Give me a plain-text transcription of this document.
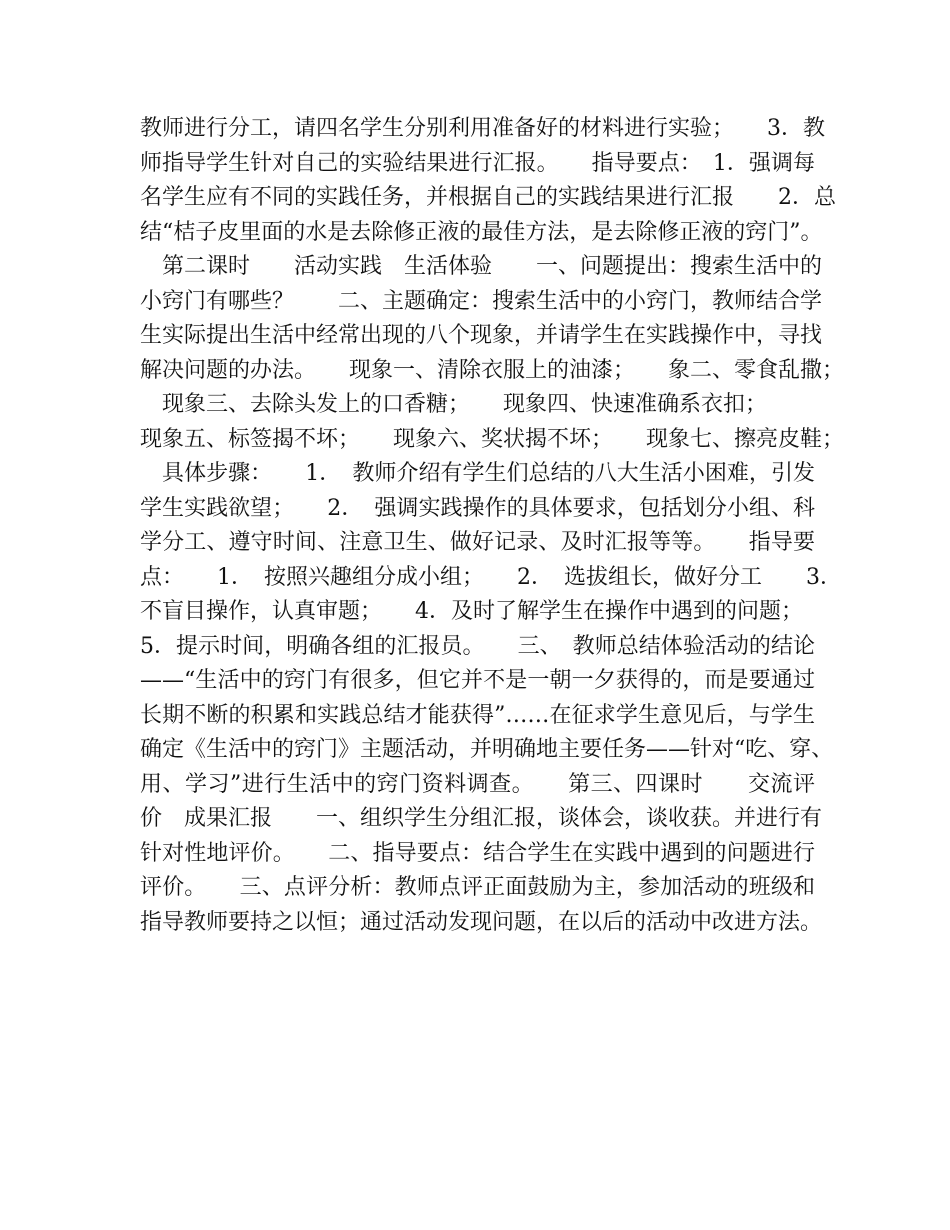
教师进行分工，请四名学生分别利用准备好的材料进行实验；　　3．教
师指导学生针对自己的实验结果进行汇报。　　指导要点：　1．强调每
名学生应有不同的实践任务，并根据自己的实践结果进行汇报　　2．总
结“桔子皮里面的水是去除修正液的最佳方法，是去除修正液的窍门”。
　第二课时　　活动实践　生活体验　　一、问题提出：搜索生活中的
小窍门有哪些？　　二、主题确定：搜索生活中的小窍门，教师结合学
生实际提出生活中经常出现的八个现象，并请学生在实践操作中，寻找
解决问题的办法。　　现象一、清除衣服上的油漆；　　象二、零食乱撒；
　现象三、去除头发上的口香糖；　　现象四、快速准确系衣扣；
现象五、标签揭不坏；　　现象六、奖状揭不坏；　　现象七、擦亮皮鞋；
　具体步骤：　　1．　教师介绍有学生们总结的八大生活小困难，引发
学生实践欲望；　　2．　强调实践操作的具体要求，包括划分小组、科
学分工、遵守时间、注意卫生、做好记录、及时汇报等等。　　指导要
点：　　1．　按照兴趣组分成小组；　　2．　选拔组长，做好分工　　3．
不盲目操作，认真审题；　　4．及时了解学生在操作中遇到的问题；
5．提示时间，明确各组的汇报员。　　三、　教师总结体验活动的结论
——“生活中的窍门有很多，但它并不是一朝一夕获得的，而是要通过
长期不断的积累和实践总结才能获得”……在征求学生意见后，与学生
确定《生活中的窍门》主题活动，并明确地主要任务——针对“吃、穿、
用、学习”进行生活中的窍门资料调查。　　第三、四课时　　交流评
价　成果汇报　　一、组织学生分组汇报，谈体会，谈收获。并进行有
针对性地评价。　　二、指导要点：结合学生在实践中遇到的问题进行
评价。　　三、点评分析：教师点评正面鼓励为主，参加活动的班级和
指导教师要持之以恒；通过活动发现问题，在以后的活动中改进方法。
